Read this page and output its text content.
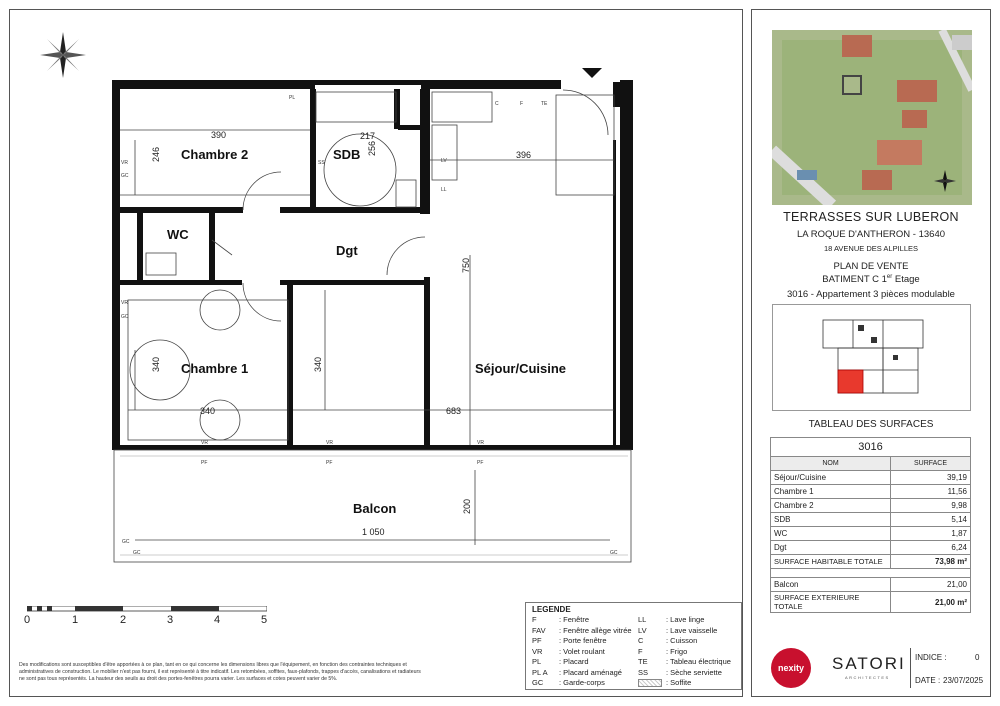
Chambre 2	SDB
WC
Dgt
Chambre 1	Séjour/Cuisine
Balcon
390	217
396
246	256
750
340	340
340	683
200
1 050
PL
SS
F
C	TE
LV
LL
VR
GC
VR
GC
VR	VR	VR
PF	PF	PF
GC
GC	GC
0	1	2	3	4	5
Des modifications sont susceptibles d'être apportées à ce plan, tant en ce qui concerne les dimensions libres que l'équipement, en fonction des contraintes techniques et administratives de construction. Le mobilier n'est pas fourni, il est représenté à titre indicatif. Les retombées, soffites, faux-plafonds, trappes d'accès, canalisations et radiateurs ne sont pas tous représentés. La hauteur des seuils au droit des portes-fenêtres pourra varier. Les surfaces et cotes peuvent varier de 5%.
LEGENDE
F	: Fenêtre
FAV : Fenêtre allège vitrée
PF : Porte fenêtre
VR : Volet roulant
PL : Placard
PL A : Placard aménagé
GC : Garde-corps
LL	: Lave linge
LV	: Lave vaisselle
C	: Cuisson
F	: Frigo
TE : Tableau électrique
SS : Sèche serviette
: Soffite
TERRASSES SUR LUBERON
LA ROQUE D'ANTHERON - 13640
18 AVENUE DES ALPILLES
PLAN DE VENTE
BATIMENT C 1er Etage
3016 - Appartement 3 pièces modulable
TABLEAU DES SURFACES
3016	
NOM	SURFACE
Séjour/Cuisine	39,19
Chambre 1	11,56
Chambre 2	9,98
SDB	5,14
WC	1,87
Dgt	6,24
SURFACE HABITABLE TOTALE	73,98 m²

Balcon	21,00
SURFACE EXTERIEURE TOTALE	21,00 m²
nexity	SATORI
ARCHITECTES
INDICE :	0
DATE : 23/07/2025
